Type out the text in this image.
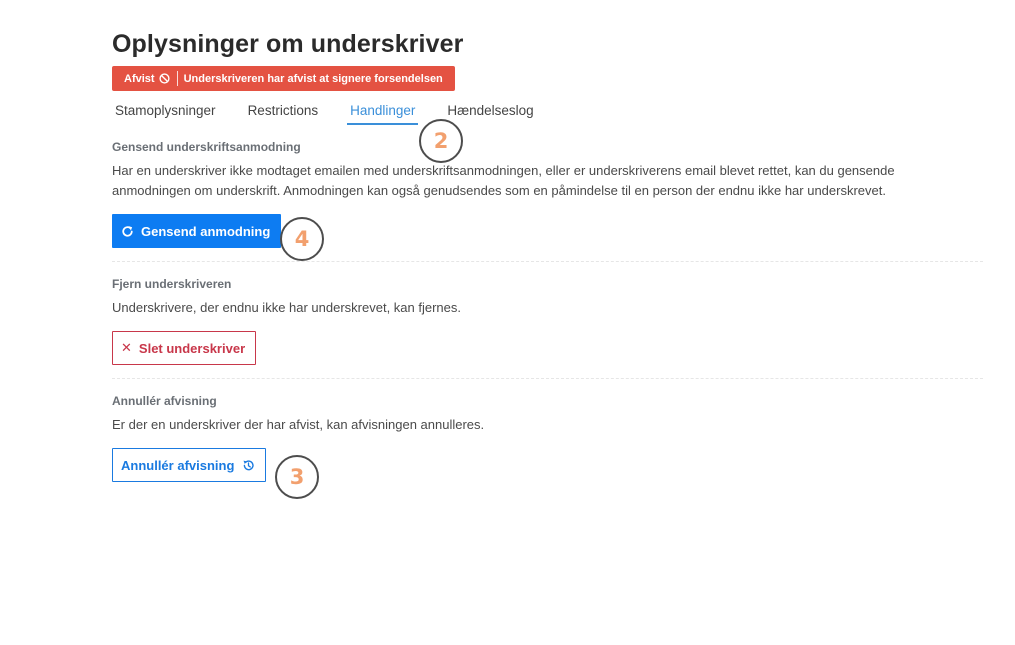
Oplysninger om underskriver
Afvist	Underskriveren har afvist at signere forsendelsen
Stamoplysninger Restrictions Handlinger Hændelseslog
Gensend underskriftsanmodning

Har en underskriver ikke modtaget emailen med underskriftsanmodningen, eller er underskriverens email blevet rettet, kan du gensende anmodningen om underskrift. Anmodningen kan også genudsendes som en påmindelse til en person der endnu ikke har underskrevet.

Gensend anmodning
Fjern underskriveren

Underskrivere, der endnu ikke har underskrevet, kan fjernes.

✕ Slet underskriver
Annullér afvisning

Er der en underskriver der har afvist, kan afvisningen annulleres.

Annullér afvisning
2
4
3
